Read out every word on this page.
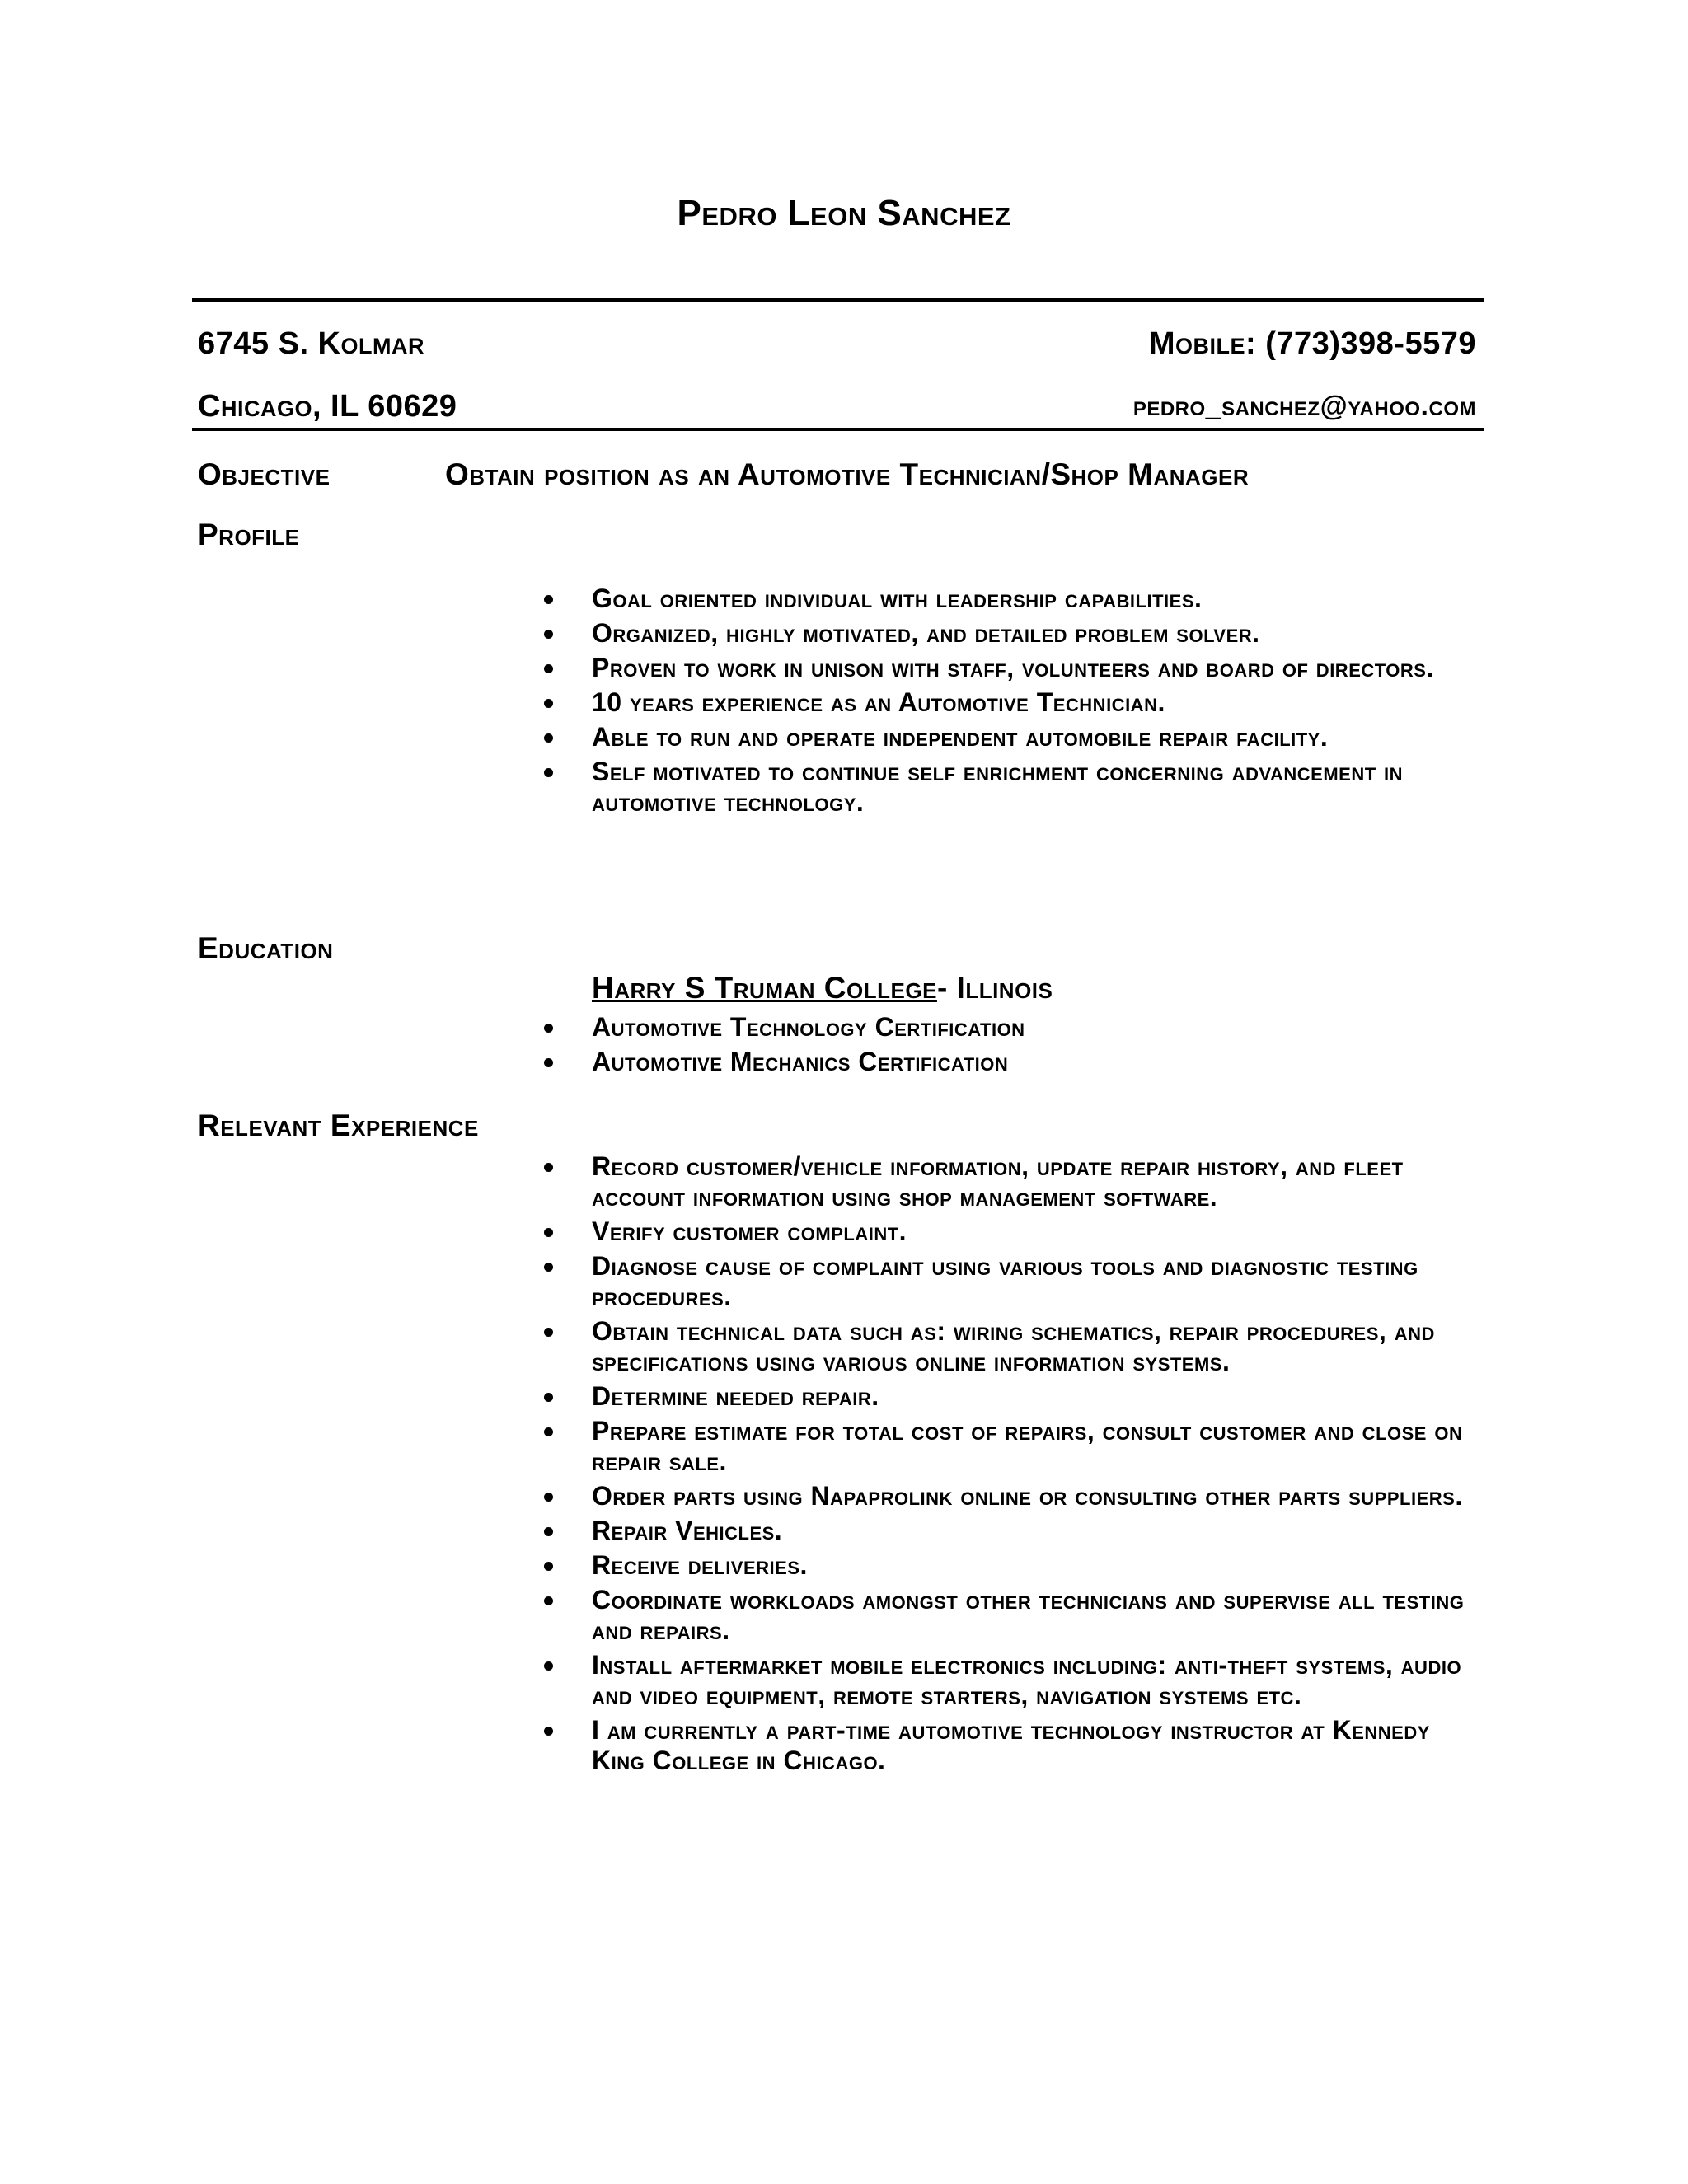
Pedro Leon Sanchez
6745 S. Kolmar	Mobile: (773)398-5579
Chicago, IL 60629	pedro_sanchez@yahoo.com
Objective	Obtain position as an Automotive Technician/Shop Manager
Profile
Goal oriented individual with leadership capabilities.
Organized, highly motivated, and detailed problem solver.
Proven to work in unison with staff, volunteers and board of directors.
10 years experience as an Automotive Technician.
Able to run and operate independent automobile repair facility.
Self motivated to continue self enrichment concerning advancement in automotive technology.
Education
Harry S Truman College- Illinois
Automotive Technology Certification
Automotive Mechanics Certification
Relevant Experience
Record customer/vehicle information, update repair history, and fleet account information using shop management software.
Verify customer complaint.
Diagnose cause of complaint using various tools and diagnostic testing procedures.
Obtain technical data such as: wiring schematics, repair procedures, and specifications using various online information systems.
Determine needed repair.
Prepare estimate for total cost of repairs, consult customer and close on repair sale.
Order parts using Napaprolink online or consulting other parts suppliers.
Repair Vehicles.
Receive deliveries.
Coordinate workloads amongst other technicians and supervise all testing and repairs.
Install aftermarket mobile electronics including: anti-theft systems, audio and video equipment, remote starters, navigation systems etc.
I am currently a part-time automotive technology instructor at Kennedy King College in Chicago.
